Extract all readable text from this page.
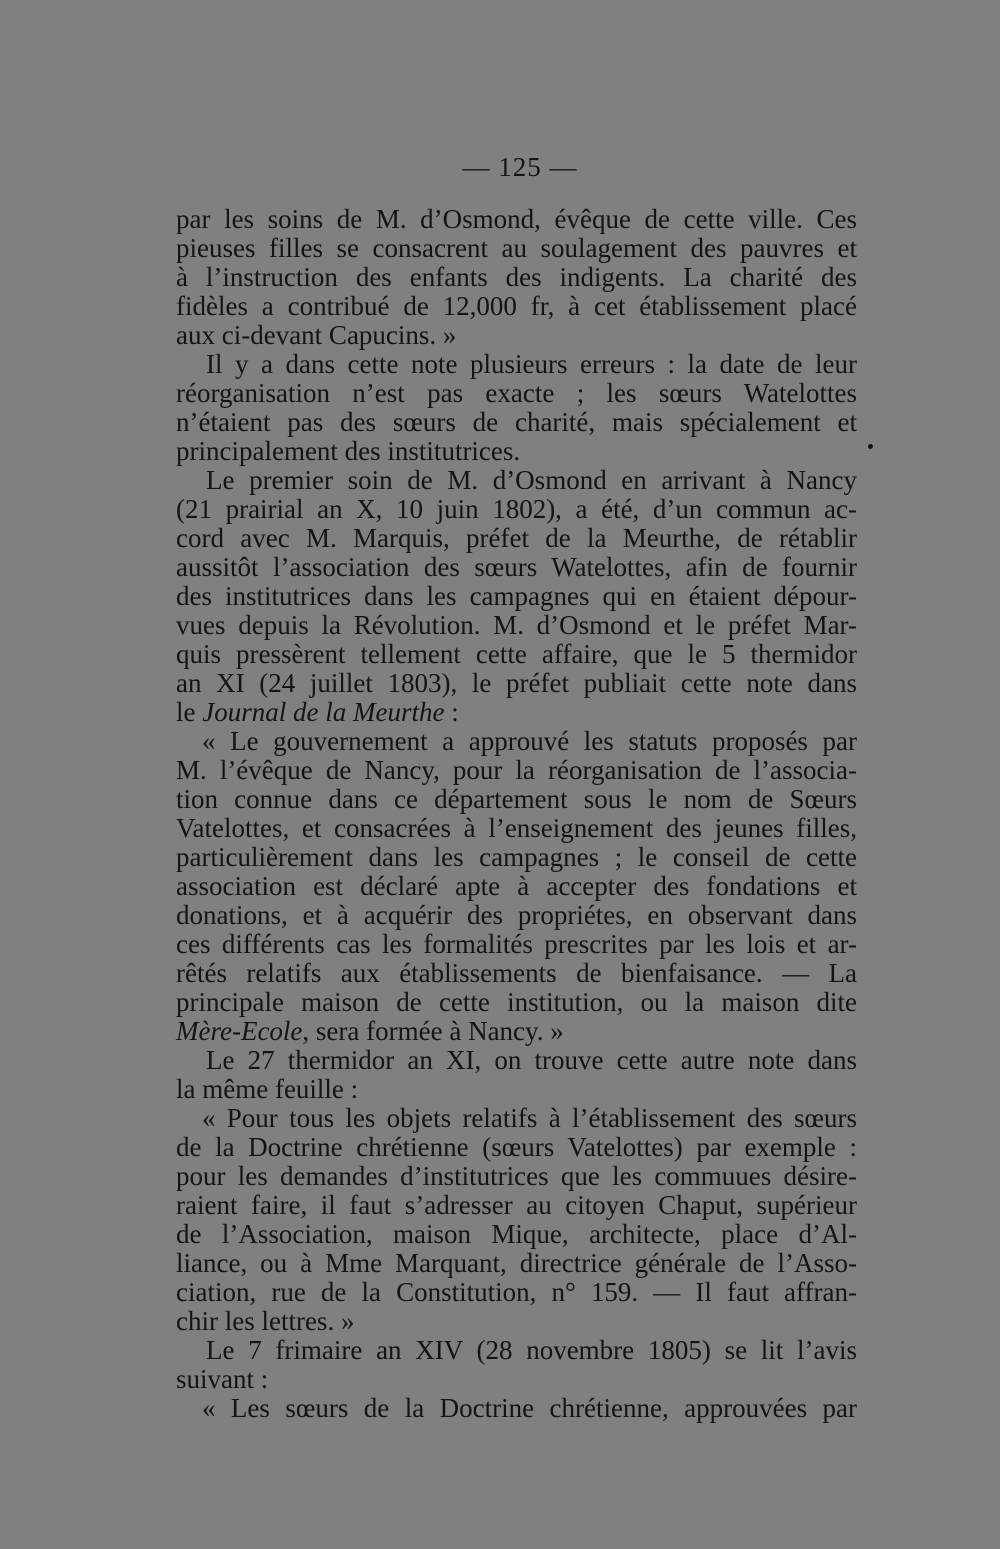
— 125 —
par les soins de M. d’Osmond, évêque de cette ville. Ces
pieuses filles se consacrent au soulagement des pauvres et
à l’instruction des enfants des indigents. La charité des
fidèles a contribué de 12,000 fr, à cet établissement placé
aux ci-devant Capucins. »
Il y a dans cette note plusieurs erreurs : la date de leur
réorganisation n’est pas exacte ; les sœurs Watelottes
n’étaient pas des sœurs de charité, mais spécialement et
principalement des institutrices.
Le premier soin de M. d’Osmond en arrivant à Nancy
(21 prairial an X, 10 juin 1802), a été, d’un commun ac-
cord avec M. Marquis, préfet de la Meurthe, de rétablir
aussitôt l’association des sœurs Watelottes, afin de fournir
des institutrices dans les campagnes qui en étaient dépour-
vues depuis la Révolution. M. d’Osmond et le préfet Mar-
quis pressèrent tellement cette affaire, que le 5 thermidor
an XI (24 juillet 1803), le préfet publiait cette note dans
le Journal de la Meurthe :
« Le gouvernement a approuvé les statuts proposés par
M. l’évêque de Nancy, pour la réorganisation de l’associa-
tion connue dans ce département sous le nom de Sœurs
Vatelottes, et consacrées à l’enseignement des jeunes filles,
particulièrement dans les campagnes ; le conseil de cette
association est déclaré apte à accepter des fondations et
donations, et à acquérir des propriétes, en observant dans
ces différents cas les formalités prescrites par les lois et ar-
rêtés relatifs aux établissements de bienfaisance. — La
principale maison de cette institution, ou la maison dite
Mère-Ecole, sera formée à Nancy. »
Le 27 thermidor an XI, on trouve cette autre note dans
la même feuille :
« Pour tous les objets relatifs à l’établissement des sœurs
de la Doctrine chrétienne (sœurs Vatelottes) par exemple :
pour les demandes d’institutrices que les commuues désire-
raient faire, il faut s’adresser au citoyen Chaput, supérieur
de l’Association, maison Mique, architecte, place d’Al-
liance, ou à Mme Marquant, directrice générale de l’Asso-
ciation, rue de la Constitution, n° 159. — Il faut affran-
chir les lettres. »
Le 7 frimaire an XIV (28 novembre 1805) se lit l’avis
suivant :
« Les sœurs de la Doctrine chrétienne, approuvées par
